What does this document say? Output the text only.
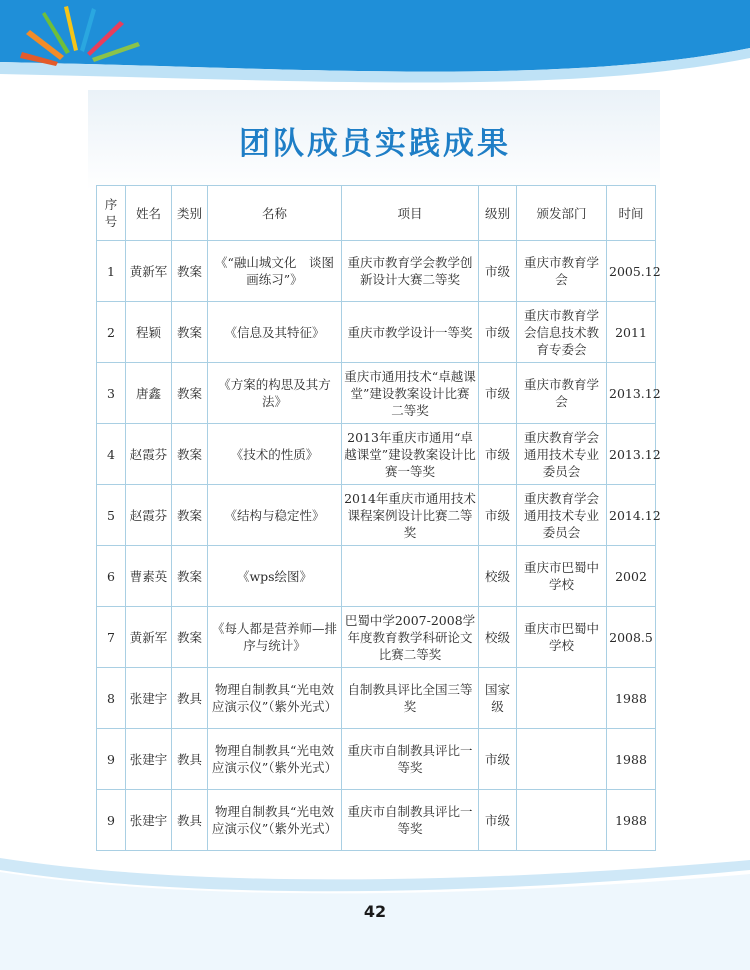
团队成员实践成果
序号	姓名	类别	名称	项目	级别	颁发部门	时间
1	黄新军	教案	《“融山城文化　谈图画练习”》	重庆市教育学会教学创新设计大赛二等奖	市级	重庆市教育学会	2005.12
2	程颖	教案	《信息及其特征》	重庆市教学设计一等奖	市级	重庆市教育学会信息技术教育专委会	2011
3	唐鑫	教案	《方案的构思及其方法》	重庆市通用技术“卓越课堂”建设教案设计比赛　二等奖	市级	重庆市教育学会	2013.12
4	赵霞芬	教案	《技术的性质》	2013年重庆市通用“卓越课堂”建设教案设计比赛一等奖	市级	重庆教育学会通用技术专业委员会	2013.12
5	赵霞芬	教案	《结构与稳定性》	2014年重庆市通用技术课程案例设计比赛二等奖	市级	重庆教育学会通用技术专业委员会	2014.12
6	曹素英	教案	《wps绘图》		校级	重庆市巴蜀中学校	2002
7	黄新军	教案	《每人都是营养师—排序与统计》	巴蜀中学2007-2008学年度教育教学科研论文比赛二等奖	校级	重庆市巴蜀中学校	2008.5
8	张建宇	教具	物理自制教具“光电效应演示仪”（紫外光式）	自制教具评比全国三等奖	国家级		1988
9	张建宇	教具	物理自制教具“光电效应演示仪”（紫外光式）	重庆市自制教具评比一等奖	市级		1988
9	张建宇	教具	物理自制教具“光电效应演示仪”（紫外光式）	重庆市自制教具评比一等奖	市级		1988
42
